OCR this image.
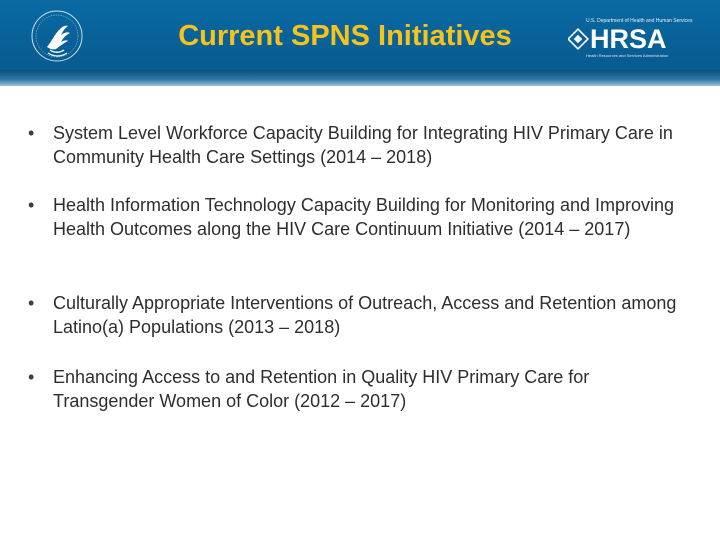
Current SPNS Initiatives	U.S. Department of Health and Human Services
HRSA
Health Resources and Services Administration
• System Level Workforce Capacity Building for Integrating HIV Primary Care in Community Health Care Settings (2014 – 2018)
• Health Information Technology Capacity Building for Monitoring and Improving Health Outcomes along the HIV Care Continuum Initiative (2014 – 2017)
• Culturally Appropriate Interventions of Outreach, Access and Retention among Latino(a) Populations (2013 – 2018)
• Enhancing Access to and Retention in Quality HIV Primary Care for Transgender Women of Color (2012 – 2017)
